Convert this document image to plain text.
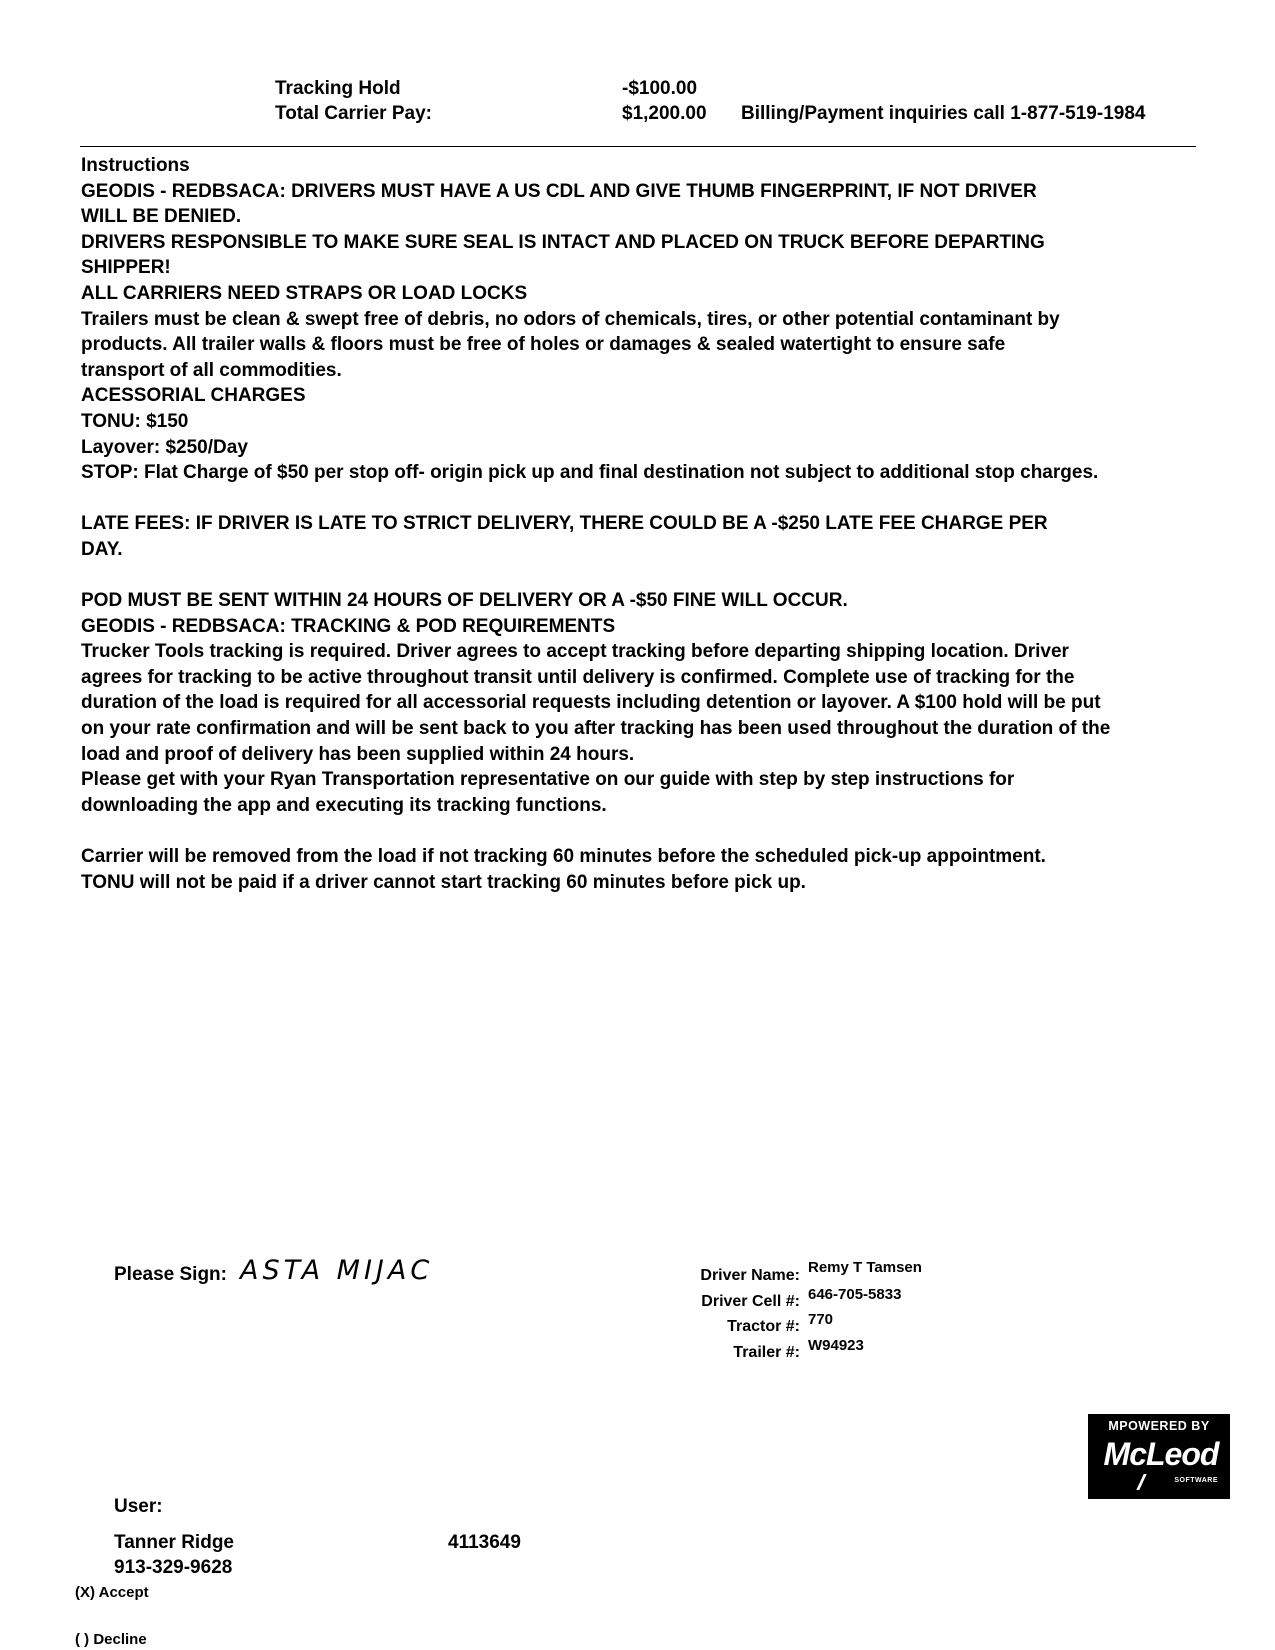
Tracking Hold	-$100.00
Total Carrier Pay:	$1,200.00 Billing/Payment inquiries call 1-877-519-1984
Instructions
GEODIS - REDBSACA: DRIVERS MUST HAVE A US CDL AND GIVE THUMB FINGERPRINT, IF NOT DRIVER
WILL BE DENIED.
DRIVERS RESPONSIBLE TO MAKE SURE SEAL IS INTACT AND PLACED ON TRUCK BEFORE DEPARTING
SHIPPER!
ALL CARRIERS NEED STRAPS OR LOAD LOCKS
Trailers must be clean & swept free of debris, no odors of chemicals, tires, or other potential contaminant by
products. All trailer walls & floors must be free of holes or damages & sealed watertight to ensure safe
transport of all commodities.
ACESSORIAL CHARGES
TONU: $150
Layover: $250/Day
STOP: Flat Charge of $50 per stop off- origin pick up and final destination not subject to additional stop charges.
LATE FEES: IF DRIVER IS LATE TO STRICT DELIVERY, THERE COULD BE A -$250 LATE FEE CHARGE PER
DAY.
POD MUST BE SENT WITHIN 24 HOURS OF DELIVERY OR A -$50 FINE WILL OCCUR.
GEODIS - REDBSACA: TRACKING & POD REQUIREMENTS
Trucker Tools tracking is required. Driver agrees to accept tracking before departing shipping location. Driver
agrees for tracking to be active throughout transit until delivery is confirmed. Complete use of tracking for the
duration of the load is required for all accessorial requests including detention or layover. A $100 hold will be put
on your rate confirmation and will be sent back to you after tracking has been used throughout the duration of the
load and proof of delivery has been supplied within 24 hours.
Please get with your Ryan Transportation representative on our guide with step by step instructions for
downloading the app and executing its tracking functions.
Carrier will be removed from the load if not tracking 60 minutes before the scheduled pick-up appointment.
TONU will not be paid if a driver cannot start tracking 60 minutes before pick up.
Please Sign: ASTA MIJAC	Driver Name: Remy T Tamsen
Driver Cell #: 646-705-5833
Tractor #: 770
Trailer #: W94923
MPOWERED BY
McLeod
SOFTWARE
User:
Tanner Ridge	4113649
913-329-9628
(X) Accept
( ) Decline
